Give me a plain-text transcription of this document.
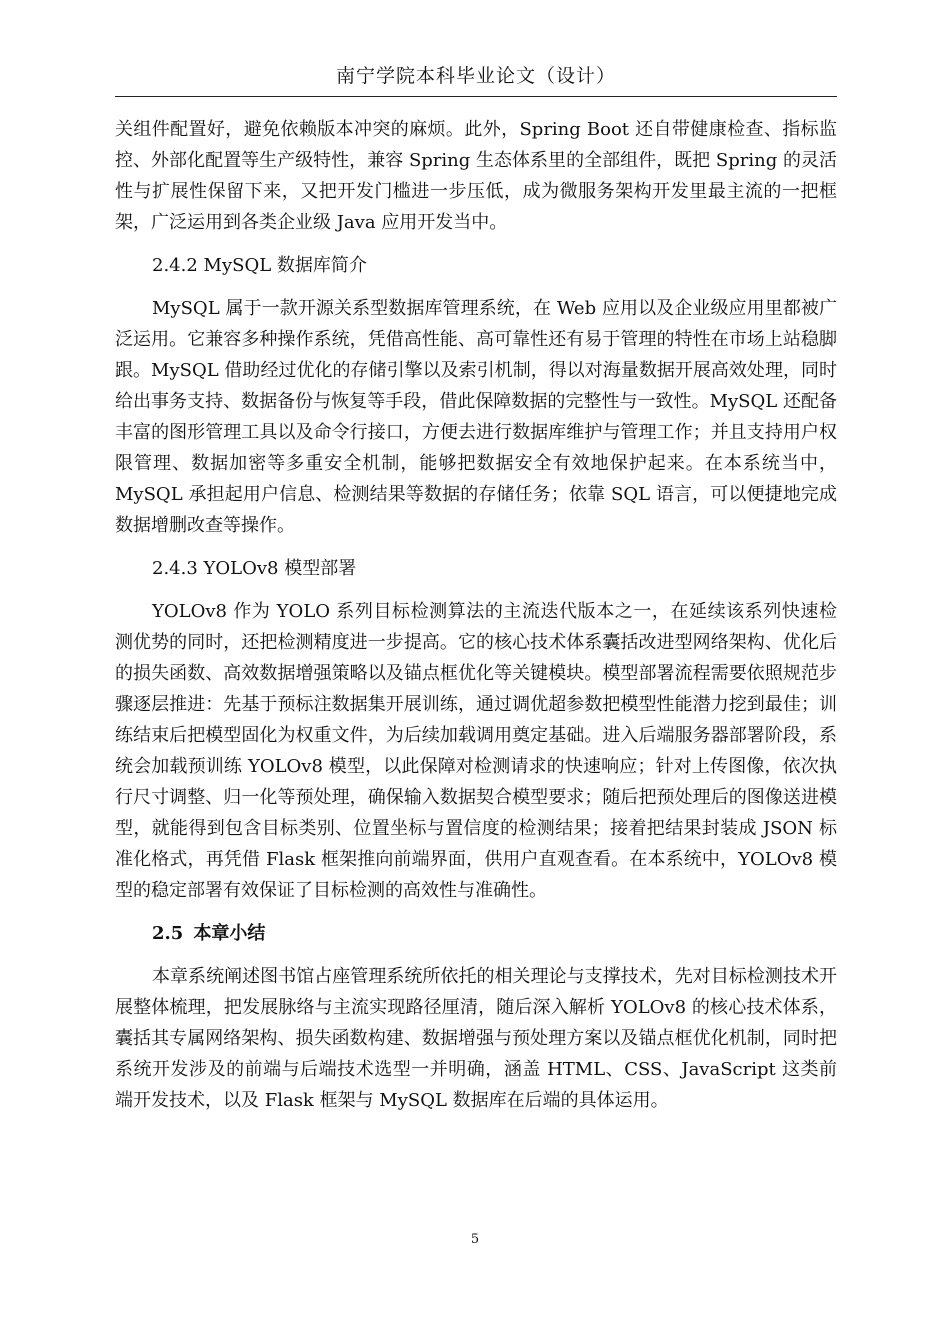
南宁学院本科毕业论文（设计）

关组件配置好，避免依赖版本冲突的麻烦。此外，Spring Boot 还自带健康检查、指标监控、外部化配置等生产级特性，兼容 Spring 生态体系里的全部组件，既把 Spring 的灵活性与扩展性保留下来，又把开发门槛进一步压低，成为微服务架构开发里最主流的一把框架，广泛运用到各类企业级 Java 应用开发当中。

2.4.2 MySQL 数据库简介

MySQL 属于一款开源关系型数据库管理系统，在 Web 应用以及企业级应用里都被广泛运用。它兼容多种操作系统，凭借高性能、高可靠性还有易于管理的特性在市场上站稳脚跟。MySQL 借助经过优化的存储引擎以及索引机制，得以对海量数据开展高效处理，同时给出事务支持、数据备份与恢复等手段，借此保障数据的完整性与一致性。MySQL 还配备丰富的图形管理工具以及命令行接口，方便去进行数据库维护与管理工作；并且支持用户权限管理、数据加密等多重安全机制，能够把数据安全有效地保护起来。在本系统当中，MySQL 承担起用户信息、检测结果等数据的存储任务；依靠 SQL 语言，可以便捷地完成数据增删改查等操作。

2.4.3 YOLOv8 模型部署

YOLOv8 作为 YOLO 系列目标检测算法的主流迭代版本之一，在延续该系列快速检测优势的同时，还把检测精度进一步提高。它的核心技术体系囊括改进型网络架构、优化后的损失函数、高效数据增强策略以及锚点框优化等关键模块。模型部署流程需要依照规范步骤逐层推进：先基于预标注数据集开展训练，通过调优超参数把模型性能潜力挖到最佳；训练结束后把模型固化为权重文件，为后续加载调用奠定基础。进入后端服务器部署阶段，系统会加载预训练 YOLOv8 模型，以此保障对检测请求的快速响应；针对上传图像，依次执行尺寸调整、归一化等预处理，确保输入数据契合模型要求；随后把预处理后的图像送进模型，就能得到包含目标类别、位置坐标与置信度的检测结果；接着把结果封装成 JSON 标准化格式，再凭借 Flask 框架推向前端界面，供用户直观查看。在本系统中，YOLOv8 模型的稳定部署有效保证了目标检测的高效性与准确性。

2.5 本章小结

本章系统阐述图书馆占座管理系统所依托的相关理论与支撑技术，先对目标检测技术开展整体梳理，把发展脉络与主流实现路径厘清，随后深入解析 YOLOv8 的核心技术体系，囊括其专属网络架构、损失函数构建、数据增强与预处理方案以及锚点框优化机制，同时把系统开发涉及的前端与后端技术选型一并明确，涵盖 HTML、CSS、JavaScript 这类前端开发技术，以及 Flask 框架与 MySQL 数据库在后端的具体运用。

5
